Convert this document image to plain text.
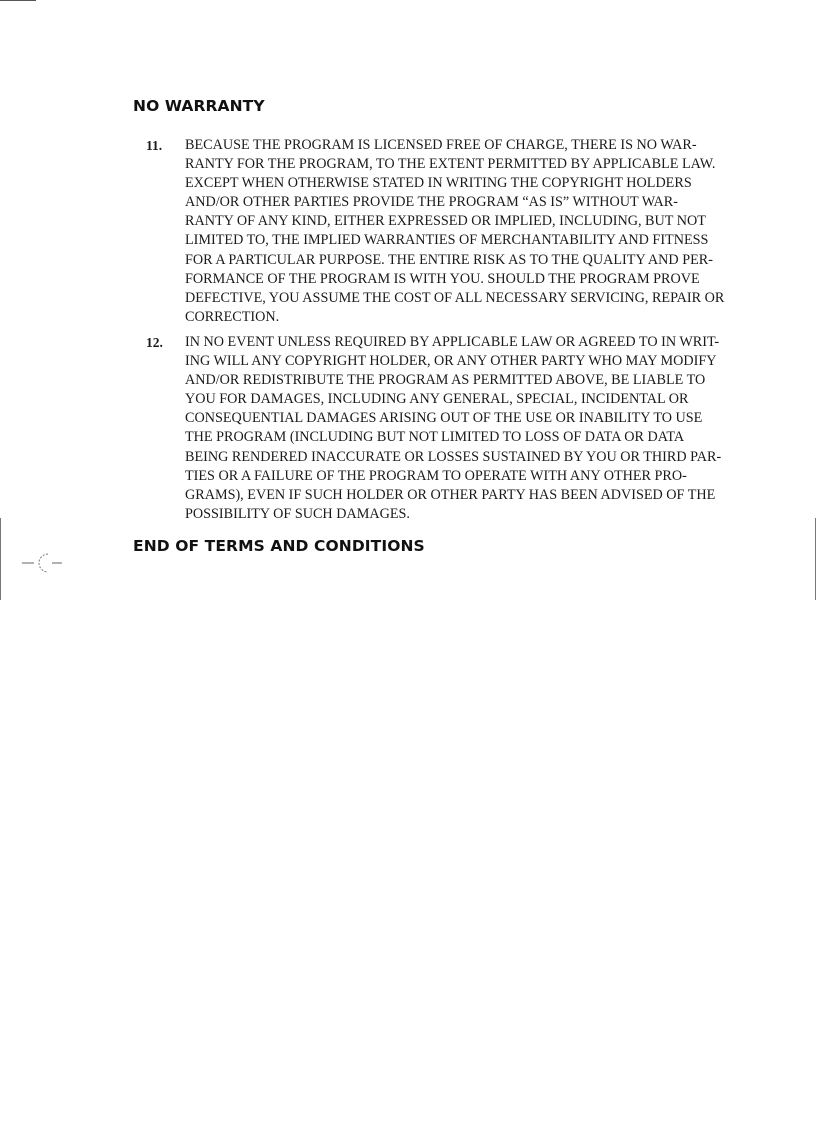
NO WARRANTY
11.	BECAUSE THE PROGRAM IS LICENSED FREE OF CHARGE, THERE IS NO WAR-
RANTY FOR THE PROGRAM, TO THE EXTENT PERMITTED BY APPLICABLE LAW.
EXCEPT WHEN OTHERWISE STATED IN WRITING THE COPYRIGHT HOLDERS
AND/OR OTHER PARTIES PROVIDE THE PROGRAM “AS IS” WITHOUT WAR-
RANTY OF ANY KIND, EITHER EXPRESSED OR IMPLIED, INCLUDING, BUT NOT
LIMITED TO, THE IMPLIED WARRANTIES OF MERCHANTABILITY AND FITNESS
FOR A PARTICULAR PURPOSE. THE ENTIRE RISK AS TO THE QUALITY AND PER-
FORMANCE OF THE PROGRAM IS WITH YOU. SHOULD THE PROGRAM PROVE
DEFECTIVE, YOU ASSUME THE COST OF ALL NECESSARY SERVICING, REPAIR OR
CORRECTION.

12.	IN NO EVENT UNLESS REQUIRED BY APPLICABLE LAW OR AGREED TO IN WRIT-
ING WILL ANY COPYRIGHT HOLDER, OR ANY OTHER PARTY WHO MAY MODIFY
AND/OR REDISTRIBUTE THE PROGRAM AS PERMITTED ABOVE, BE LIABLE TO
YOU FOR DAMAGES, INCLUDING ANY GENERAL, SPECIAL, INCIDENTAL OR
CONSEQUENTIAL DAMAGES ARISING OUT OF THE USE OR INABILITY TO USE
THE PROGRAM (INCLUDING BUT NOT LIMITED TO LOSS OF DATA OR DATA
BEING RENDERED INACCURATE OR LOSSES SUSTAINED BY YOU OR THIRD PAR-
TIES OR A FAILURE OF THE PROGRAM TO OPERATE WITH ANY OTHER PRO-
GRAMS), EVEN IF SUCH HOLDER OR OTHER PARTY HAS BEEN ADVISED OF THE
POSSIBILITY OF SUCH DAMAGES.

END OF TERMS AND CONDITIONS
